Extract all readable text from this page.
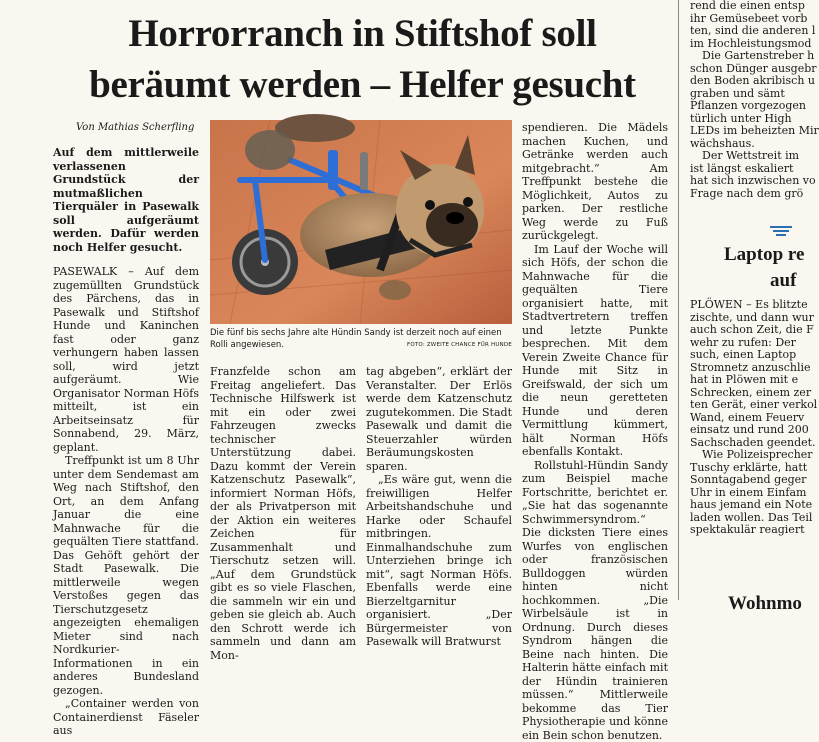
Horrorranch in Stiftshof soll
beräumt werden – Helfer gesucht
Von Mathias Scherfling

Auf dem mittlerweile verlassenen Grundstück der mutmaßlichen Tierquäler in Pasewalk soll aufgeräumt werden. Dafür werden noch Helfer gesucht.

PASEWALK – Auf dem zugemüllten Grundstück des Pärchens, das in Pasewalk und Stiftshof Hunde und Kaninchen fast oder ganz verhungern haben lassen soll, wird jetzt aufgeräumt. Wie Organisator Norman Höfs mitteilt, ist ein Arbeitseinsatz für Sonnabend, 29. März, geplant.

Treffpunkt ist um 8 Uhr unter dem Sendemast am Weg nach Stiftshof, den Ort, an dem Anfang Januar die eine Mahnwache für die gequälten Tiere stattfand. Das Gehöft gehört der Stadt Pasewalk. Die mittlerweile wegen Verstoßes gegen das Tierschutzgesetz angezeigten ehemaligen Mieter sind nach Nordkurier-Informationen in ein anderes Bundesland gezogen.

„Container werden von Containerdienst Fäseler aus

Die fünf bis sechs Jahre alte Hündin Sandy ist derzeit noch auf einen Rolli angewiesen.	FOTO: ZWEITE CHANCE FÜR HUNDE

Franzfelde schon am Freitag angeliefert. Das Technische Hilfswerk ist mit ein oder zwei Fahrzeugen zwecks technischer Unterstützung dabei. Dazu kommt der Verein Katzenschutz Pasewalk“, informiert Norman Höfs, der als Privatperson mit der Aktion ein weiteres Zeichen für Zusammenhalt und Tierschutz setzen will. „Auf dem Grundstück gibt es so viele Flaschen, die sammeln wir ein und geben sie gleich ab. Auch den Schrott werde ich sammeln und dann am Mon-

tag abgeben“, erklärt der Veranstalter. Der Erlös werde dem Katzenschutz zugutekommen. Die Stadt Pasewalk und damit die Steuerzahler würden Beräumungskosten sparen.

„Es wäre gut, wenn die freiwilligen Helfer Arbeitshandschuhe und Harke oder Schaufel mitbringen. Einmalhandschuhe zum Unterziehen bringe ich mit“, sagt Norman Höfs. Ebenfalls werde eine Bierzeltgarnitur organisiert. „Der Bürgermeister von Pasewalk will Bratwurst

spendieren. Die Mädels machen Kuchen, und Getränke werden auch mitgebracht.“ Am Treffpunkt bestehe die Möglichkeit, Autos zu parken. Der restliche Weg werde zu Fuß zurückgelegt.

Im Lauf der Woche will sich Höfs, der schon die Mahnwache für die gequälten Tiere organisiert hatte, mit Stadtvertretern treffen und letzte Punkte besprechen. Mit dem Verein Zweite Chance für Hunde mit Sitz in Greifswald, der sich um die neun geretteten Hunde und deren Vermittlung kümmert, hält Norman Höfs ebenfalls Kontakt.

Rollstuhl-Hündin Sandy zum Beispiel mache Fortschritte, berichtet er. „Sie hat das sogenannte Schwimmersyndrom.“ Die dicksten Tiere eines Wurfes von englischen oder französischen Bulldoggen würden hinten nicht hochkommen. „Die Wirbelsäule ist in Ordnung. Durch dieses Syndrom hängen die Beine nach hinten. Die Halterin hätte einfach mit der Hündin trainieren müssen.“ Mittlerweile bekomme das Tier Physiotherapie und könne ein Bein schon benutzen.

rend die einen entsp

ihr Gemüsebeet vorb

ten, sind die anderen l

im Hochleistungsmod

Die Gartenstreber h

schon Dünger ausgebr

den Boden akribisch u

graben und sämt

Pflanzen vorgezogen

türlich unter High

LEDs im beheizten Mir

wächshaus.

Der Wettstreit im

ist längst eskaliert

hat sich inzwischen vo

Frage nach dem grö

Laptop re
auf

PLÖWEN – Es blitzte

zischte, und dann wur

auch schon Zeit, die F

wehr zu rufen: Der

such, einen Laptop

Stromnetz anzuschlie

hat in Plöwen mit e

Schrecken, einem zer

ten Gerät, einer verkol

Wand, einem Feuerv

einsatz und rund 200

Sachschaden geendet.

Wie Polizeisprecher

Tuschy erklärte, hatt

Sonntagabend geger

Uhr in einem Einfam

haus jemand ein Note

laden wollen. Das Teil

spektakulär reagiert

Wohnmo
